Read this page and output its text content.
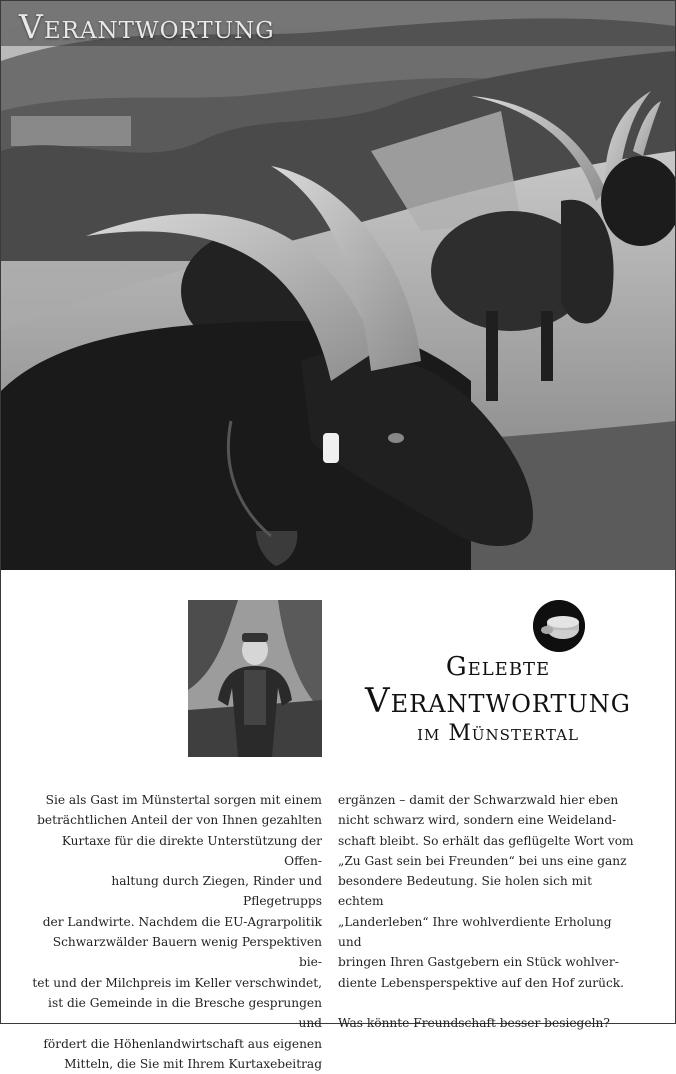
Verantwortung
Gelebte
Verantwortung
im Münstertal

Sie als Gast im Münstertal sorgen mit einem

beträchtlichen Anteil der von Ihnen gezahlten

Kurtaxe für die direkte Unterstützung der Offen-

haltung durch Ziegen, Rinder und Pflegetrupps

der Landwirte. Nachdem die EU-Agrarpolitik

Schwarzwälder Bauern wenig Perspektiven bie-

tet und der Milchpreis im Keller verschwindet,

ist die Gemeinde in die Bresche gesprungen und

fördert die Höhenlandwirtschaft aus eigenen

Mitteln, die Sie mit Ihrem Kurtaxebeitrag

ergänzen – damit der Schwarzwald hier eben

nicht schwarz wird, sondern eine Weideland-

schaft bleibt. So erhält das geflügelte Wort vom

„Zu Gast sein bei Freunden“ bei uns eine ganz

besondere Bedeutung. Sie holen sich mit echtem

„Landerleben“ Ihre wohlverdiente Erholung und

bringen Ihren Gastgebern ein Stück wohlver-

diente Lebensperspektive auf den Hof zurück.

Was könnte Freundschaft besser besiegeln?
